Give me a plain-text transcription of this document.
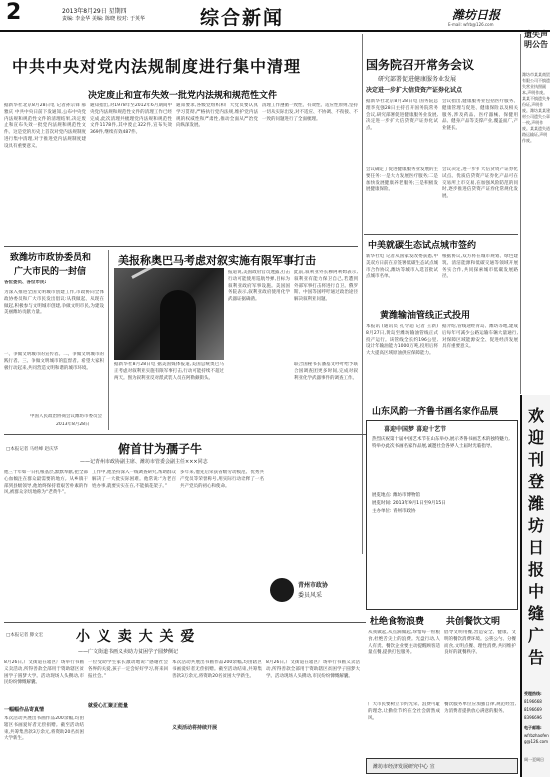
2	2013年8月29日 星期四
责编: 李金华 美编: 陈晓 校对: 于英华	综合新闻	潍坊日报
E-mail: wfrb@126.com
中共中央对党内法规制度进行集中清理
决定废止和宣布失效一批党内法规和规范性文件
据新华社北京8月28日电 记者孙宗锋 郝雅庆 中共中央日前下发通知,公布中央党内法规和规范性文件的清理结果,决定废止和宣布失效一批党内法规和规范性文件。这是党的历史上首次对党内法规制度进行集中清理,对于推进党内法规制度建设具有重要意义。
通知指出,对1978年至2012年6月期间中央党内法规和规范性文件的清理工作已经完成,此次清理共梳理党内法规和规范性文件1178件,其中废止322件,宣布失效369件,继续有效487件。
通知要求,各级党组织和广大党员要认真学习贯彻,严格执行党内法规,维护党内法规的权威性和严肃性,推动全面从严治党向纵深发展。
清理工作遵循一致性、有效性、适应性原则,坚持一切从实际出发,对不适应、不协调、不衔接、不一致的问题进行了全面梳理。
国务院召开常务会议
研究部署促进健康服务业发展
决定进一步扩大信贷资产证券化试点
据新华社北京8月28日电 国务院总理李克强28日主持召开国务院常务会议,研究部署促进健康服务业发展,决定进一步扩大信贷资产证券化试点。
会议指出,健康服务业包括医疗服务、健康管理与促进、健康保险以及相关服务,涉及药品、医疗器械、保健用品、健身产品等支撑产业,覆盖面广,产业链长。
会议确定了促进健康服务业发展的主要任务:一是大力发展医疗服务;二是加快发展健康养老服务;三是积极发展健康保险。
会议决定,进一步扩大信贷资产证券化试点。优质信贷资产证券化产品可在交易所上市交易,在加强风险防范的同时,逐步推进信贷资产证券化常规化发展。
中美就碳生态试点城市签约
新华社电 记者从国家发改委获悉,中美双方日前在京签署低碳生态试点城市合作协议,潍坊等城市入选首批试点城市名单。
根据协议,双方将在城市规划、绿色建筑、清洁能源和低碳交通等领域开展务实合作,共同探索城市低碳发展路径。
黄潍输油管线正式投用
本报讯 (通讯员 孔令超 记者 王新) 8月27日,黄岛至潍坊输油管线正式投产运行。该管线全长约196公里,设计年输油能力1000万吨,投用后将大大提高区域原油供应保障能力。
据介绍,管线途经青岛、潍坊等地,建成后每年可减少公路运输车辆大量通行,对保障区域能源安全、促进经济发展具有重要意义。
遗失声明公告
潍坊市某某商贸有限公司不慎遗失营业执照副本,声明作废。某某不慎遗失身份证,声明作废。潍坊某某建材公司遗失公章一枚,声明作废。某某遗失道路运输证,声明作废。
致潍坊市政协委员和
广大市民的一封信
各位委员、各位市民:
为深入推进全国文明城市创建工作,市政协向全体政协委员和广大市民发出倡议:从我做起、从现在做起,积极参与文明城市创建,争做文明市民,为建设美丽潍坊贡献力量。
一、争做文明城市的宣传者。二、争做文明城市的践行者。三、争做文明城市的监督者。希望大家积极行动起来,共同营造文明和谐的城市环境。
中国人民政治协商会议潍坊市委员会
2013年8月28日
美报称奥巴马考虑对叙实施有限军事打击
据新华社8月28日电 据美国媒体报道,美国总统奥巴马正考虑对叙利亚实施有限军事打击,行动可能持续不超过两天。图为叙利亚反对派武装人员在阿勒颇街头。
报道说,美国政府官员透露,打击行动可能使用巡航导弹,目标为叙利亚政府军事设施。美国国务院表示,叙利亚政府使用化学武器证据确凿。
此前,叙利亚外长穆阿利姆表示,叙利亚有能力保卫自己,若遭到外部军事打击将进行自卫。俄罗斯、中国等国呼吁通过政治途径解决叙利亚问题。
联合国秘书长潘基文呼吁给予联合国调查团更多时间,完成对叙利亚化学武器事件的调查工作。
俯首甘为孺子牛
——记青州市政协副主席、潍坊市管委会副主任×××同志
□本报记者 马经峰 赵庆华
他三十年如一日扎根基层,默默奉献,把全部心血倾注在群众最需要的地方。从乡镇干部到县级领导,他始终保持着艰苦朴素的作风,被群众亲切地称为“老黄牛”。
工作中,他坚持深入一线调查研究,帮助群众解决了一大批实际困难。他常说:“为老百姓办事,就要实实在在,不能搞花架子。”
多年来,他先后荣获省级劳动模范、优秀共产党员等荣誉称号,用实际行动诠释了一名共产党员的初心和使命。
山东风韵一齐鲁书画名家作品展
喜迎中国梦 喜迎十艺节
热烈庆祝第十届中国艺术节在山东举办,展示齐鲁书画艺术的独特魅力,特举办此次书画名家作品展,诚邀社会各界人士届时光临指导。
展览地点: 潍坊市博物馆
展览时间: 2013年9月1日至9月15日
主办单位: 青州市政协
青州市政协
委员风采
小 义 卖 大 关 爱
——广文街道书画义卖助力贫困学子圆梦侧记
□本报记者 滕文宏
8月26日,广文街道在辖区广场举行书画义卖活动,所得善款全部用于资助辖区贫困学子圆梦大学。活动现场人头攒动,市民纷纷慷慨解囊。
一幅幅作品寄真情
本次活动共展出书画作品200余幅,均由辖区书画爱好者无偿捐赠。截至活动结束,共筹集善款3万余元,将资助20名贫困大学新生。
一位受助学生家长激动地说:“感谢社会各界的关爱,孩子一定会好好学习,将来回报社会。”
就爱心汇聚正能量
本次活动共展出书画作品200余幅,均由辖区书画爱好者无偿捐赠。截至活动结束,共筹集善款3万余元,将资助20名贫困大学新生。
义卖活动将持续开展
8月26日,广文街道在辖区广场举行书画义卖活动,所得善款全部用于资助辖区贫困学子圆梦大学。活动现场人头攒动,市民纷纷慷慨解囊。
杜绝食物浪费
从我做起,从点滴做起,珍惜每一粒粮食,杜绝舌尖上的浪费。光盘行动,人人有责。餐饮企业要主动提醒顾客适量点餐,提供打包服务。
广大市民要树立节约光荣、浪费可耻的理念,让勤俭节约在全社会蔚然成风。
共创餐饮文明
倡导文明用餐,营造安全、健康、文明的餐饮消费环境。公筷公勺、分餐而食,文明点餐、理性消费,共同维护良好的就餐秩序。
餐饮服务单位应加强自律,规范经营,为消费者提供放心满意的服务。
潍坊市经济发展研究中心 宣
欢迎刊登潍坊日报中缝广告
受理热线:
8196668
8196669
8396696
电子邮箱:
wfrbzhaofeng@126.com
周一至周日
